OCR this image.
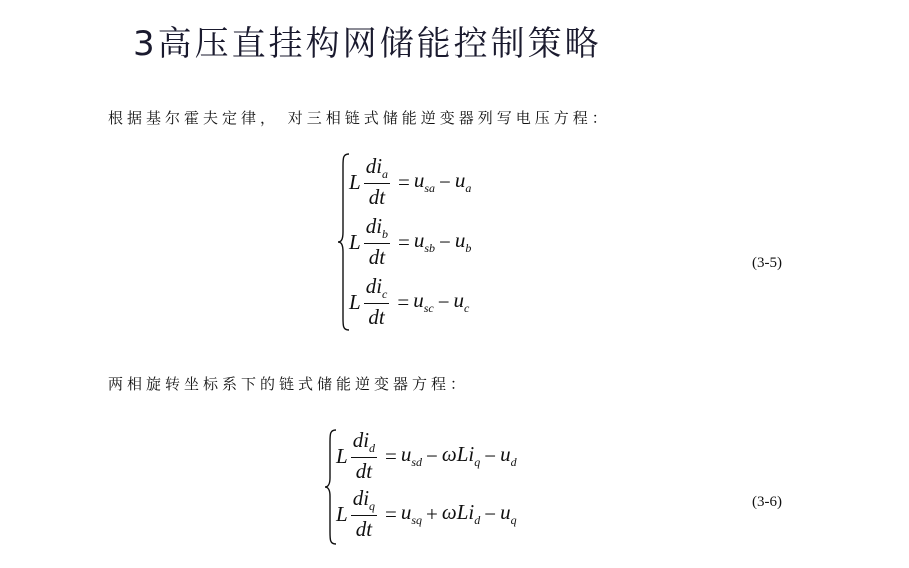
3高压直挂构网储能控制策略
根据基尔霍夫定律， 对三相链式储能逆变器列写电压方程：
L $\frac{di_a}{dt} = u_{sa} - u_a$
L $\frac{di_b}{dt} = u_{sb} - u_b$
L $\frac{di_c}{dt} = u_{sc} - u_c$
(3-5)
两相旋转坐标系下的链式储能逆变器方程：
L $\frac{di_d}{dt} = u_{sd} - \omega Li_q - u_d$
L $\frac{di_q}{dt} = u_{sq} + \omega Li_d - u_q$
(3-6)
